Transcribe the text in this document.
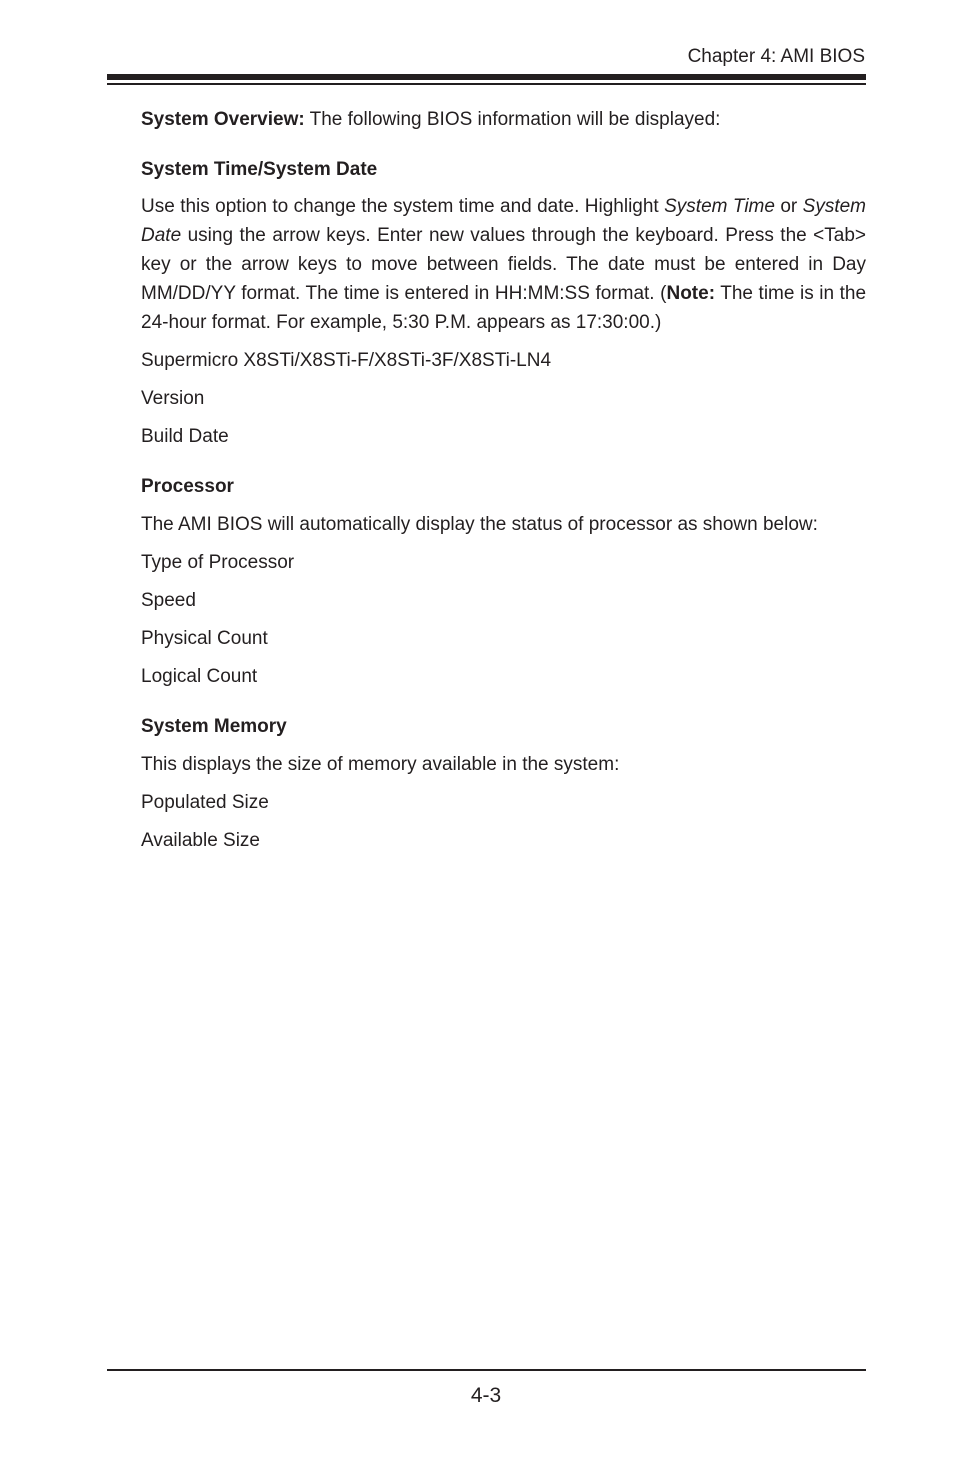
Chapter 4: AMI BIOS

System Overview: The following BIOS information will be displayed:

System Time/System Date

Use this option to change the system time and date. Highlight System Time or System Date using the arrow keys. Enter new values through the keyboard. Press the <Tab> key or the arrow keys to move between fields. The date must be entered in Day MM/DD/YY format. The time is entered in HH:MM:SS format. (Note: The time is in the 24-hour format. For example, 5:30 P.M. appears as 17:30:00.)

Supermicro X8STi/X8STi-F/X8STi-3F/X8STi-LN4

Version

Build Date

Processor

The AMI BIOS will automatically display the status of processor as shown below:

Type of Processor

Speed

Physical Count

Logical Count

System Memory

This displays the size of memory available in the system:

Populated Size

Available Size

4-3
